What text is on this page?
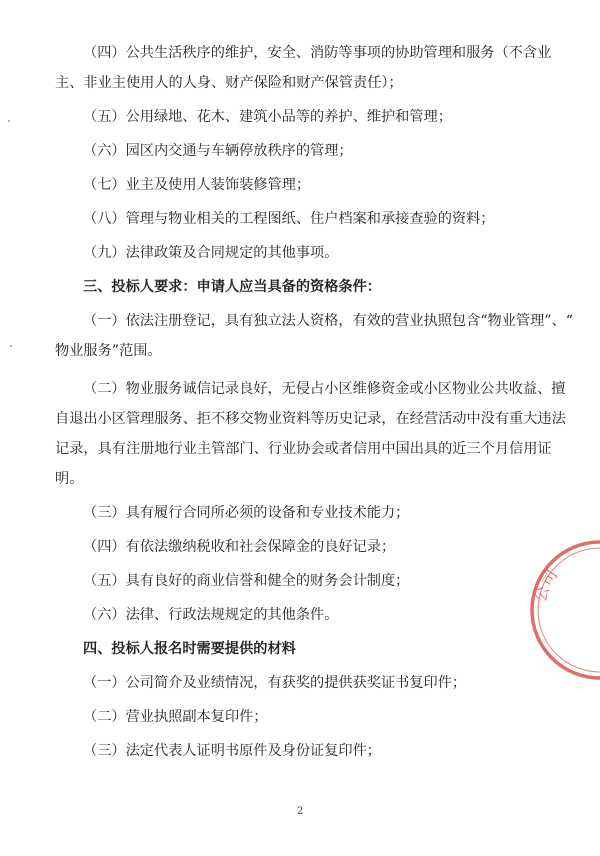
（四）公共生活秩序的维护，安全、消防等事项的协助管理和服务（不含业主、非业主使用人的人身、财产保险和财产保管责任）；

（五）公用绿地、花木、建筑小品等的养护、维护和管理；

（六）园区内交通与车辆停放秩序的管理；

（七）业主及使用人装饰装修管理；

（八）管理与物业相关的工程图纸、住户档案和承接查验的资料；

（九）法律政策及合同规定的其他事项。

三、投标人要求：申请人应当具备的资格条件：

（一）依法注册登记，具有独立法人资格，有效的营业执照包含“物业管理”、“ 物业服务”范围。

（二）物业服务诚信记录良好，无侵占小区维修资金或小区物业公共收益、擅自退出小区管理服务、拒不移交物业资料等历史记录，在经营活动中没有重大违法记录，具有注册地行业主管部门、行业协会或者信用中国出具的近三个月信用证明。

（三）具有履行合同所必须的设备和专业技术能力；

（四）有依法缴纳税收和社会保障金的良好记录；

（五）具有良好的商业信誉和健全的财务会计制度；

（六）法律、行政法规规定的其他条件。

四、投标人报名时需要提供的材料

（一）公司简介及业绩情况，有获奖的提供获奖证书复印件；

（二）营业执照副本复印件；

（三）法定代表人证明书原件及身份证复印件；

2
公司
